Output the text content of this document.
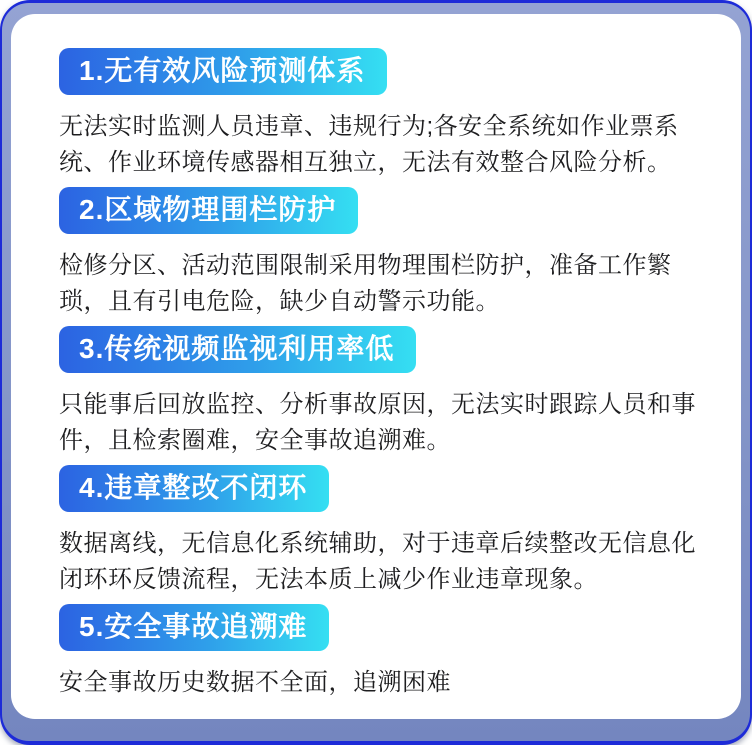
1.无有效风险预测体系

无法实时监测人员违章、违规行为;各安全系统如作业票系统、作业环境传感器相互独立，无法有效整合风险分析。

2.区域物理围栏防护

检修分区、活动范围限制采用物理围栏防护，准备工作繁琐，且有引电危险，缺少自动警示功能。

3.传统视频监视利用率低

只能事后回放监控、分析事故原因，无法实时跟踪人员和事件，且检索圈难，安全事故追溯难。

4.违章整改不闭环

数据离线，无信息化系统辅助，对于违章后续整改无信息化闭环环反馈流程，无法本质上减少作业违章现象。

5.安全事故追溯难

安全事故历史数据不全面，追溯困难
